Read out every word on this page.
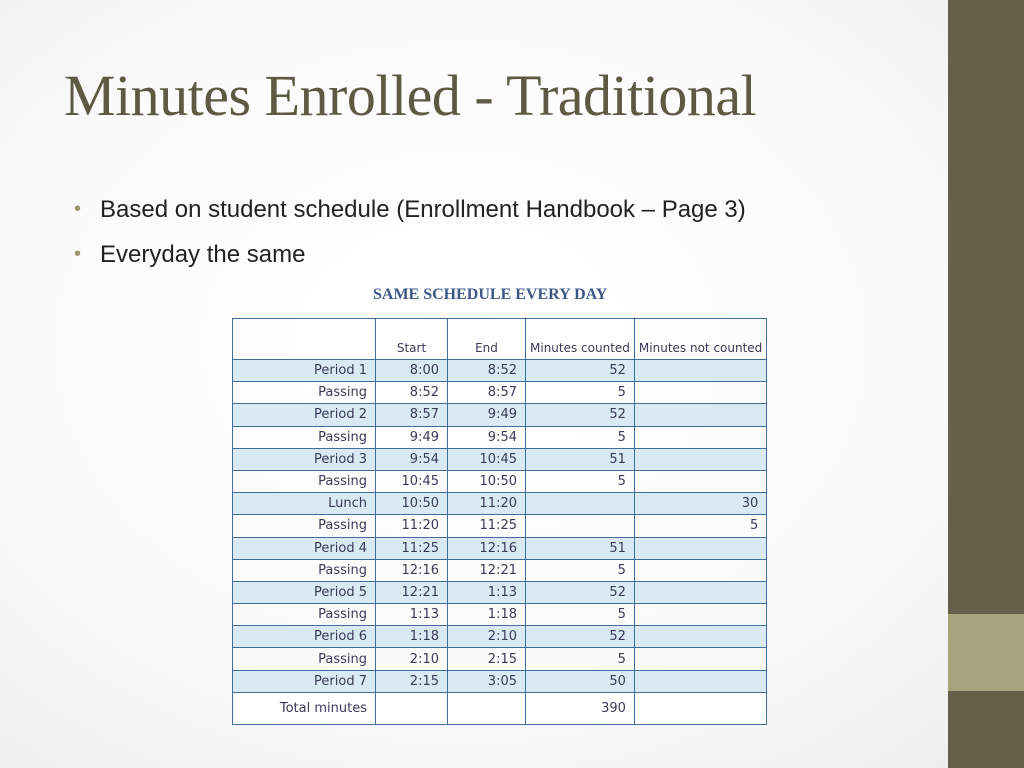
Minutes Enrolled - Traditional
• Based on student schedule (Enrollment Handbook – Page 3)
• Everyday the same
SAME SCHEDULE EVERY DAY
	Start	End	Minutes counted	Minutes not counted
Period 1	8:00	8:52	52	
Passing	8:52	8:57	5	
Period 2	8:57	9:49	52	
Passing	9:49	9:54	5	
Period 3	9:54	10:45	51	
Passing	10:45	10:50	5	
Lunch	10:50	11:20		30
Passing	11:20	11:25		5
Period 4	11:25	12:16	51	
Passing	12:16	12:21	5	
Period 5	12:21	1:13	52	
Passing	1:13	1:18	5	
Period 6	1:18	2:10	52	
Passing	2:10	2:15	5	
Period 7	2:15	3:05	50	
Total minutes			390	
